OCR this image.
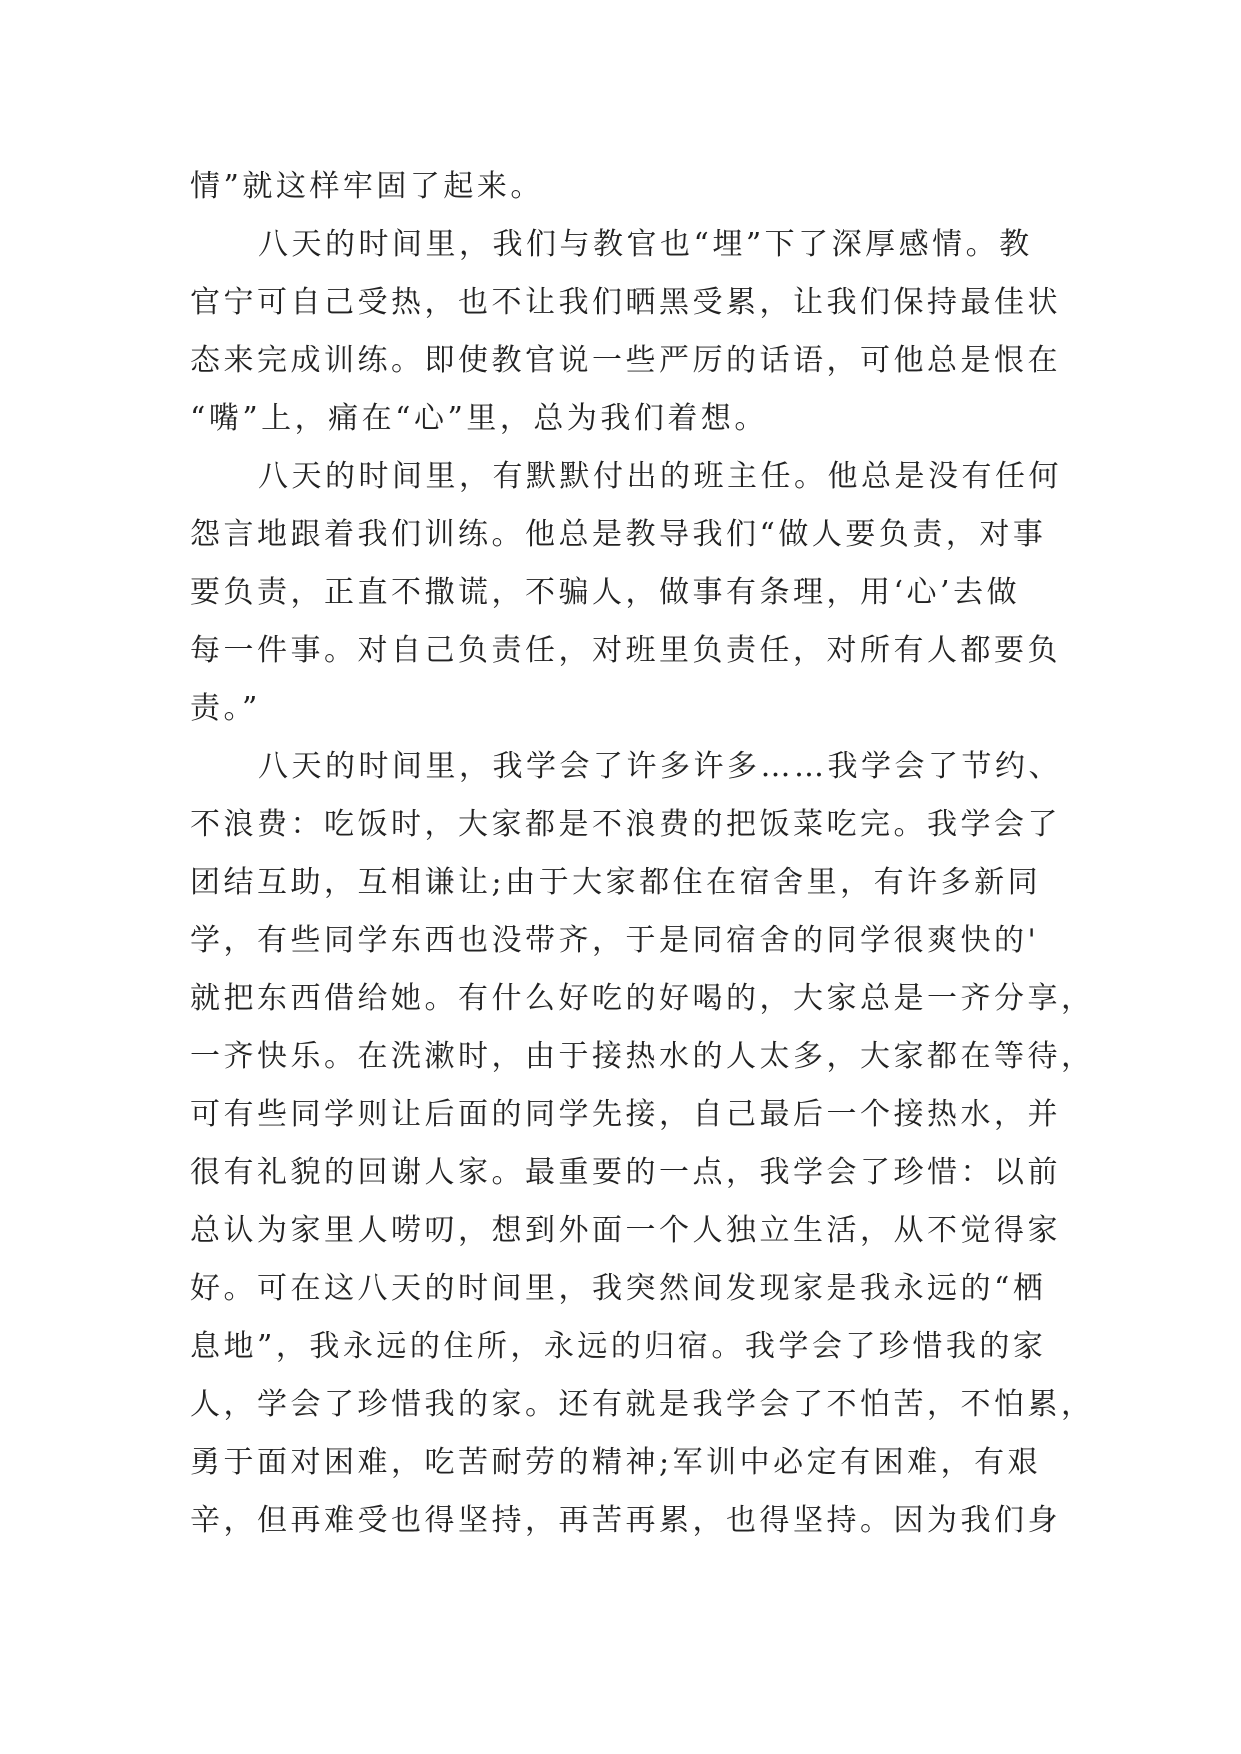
情”就这样牢固了起来。
八天的时间里，我们与教官也“埋”下了深厚感情。教
官宁可自己受热，也不让我们晒黑受累，让我们保持最佳状
态来完成训练。即使教官说一些严厉的话语，可他总是恨在
“嘴”上，痛在“心”里，总为我们着想。
八天的时间里，有默默付出的班主任。他总是没有任何
怨言地跟着我们训练。他总是教导我们“做人要负责，对事
要负责，正直不撒谎，不骗人，做事有条理，用‘心’去做
每一件事。对自己负责任，对班里负责任，对所有人都要负
责。”
八天的时间里，我学会了许多许多……我学会了节约、
不浪费：吃饭时，大家都是不浪费的把饭菜吃完。我学会了
团结互助，互相谦让;由于大家都住在宿舍里，有许多新同
学，有些同学东西也没带齐，于是同宿舍的同学很爽快的'
就把东西借给她。有什么好吃的好喝的，大家总是一齐分享，
一齐快乐。在洗漱时，由于接热水的人太多，大家都在等待，
可有些同学则让后面的同学先接，自己最后一个接热水，并
很有礼貌的回谢人家。最重要的一点，我学会了珍惜：以前
总认为家里人唠叨，想到外面一个人独立生活，从不觉得家
好。可在这八天的时间里，我突然间发现家是我永远的“栖
息地”，我永远的住所，永远的归宿。我学会了珍惜我的家
人，学会了珍惜我的家。还有就是我学会了不怕苦，不怕累，
勇于面对困难，吃苦耐劳的精神;军训中必定有困难，有艰
辛，但再难受也得坚持，再苦再累，也得坚持。因为我们身
